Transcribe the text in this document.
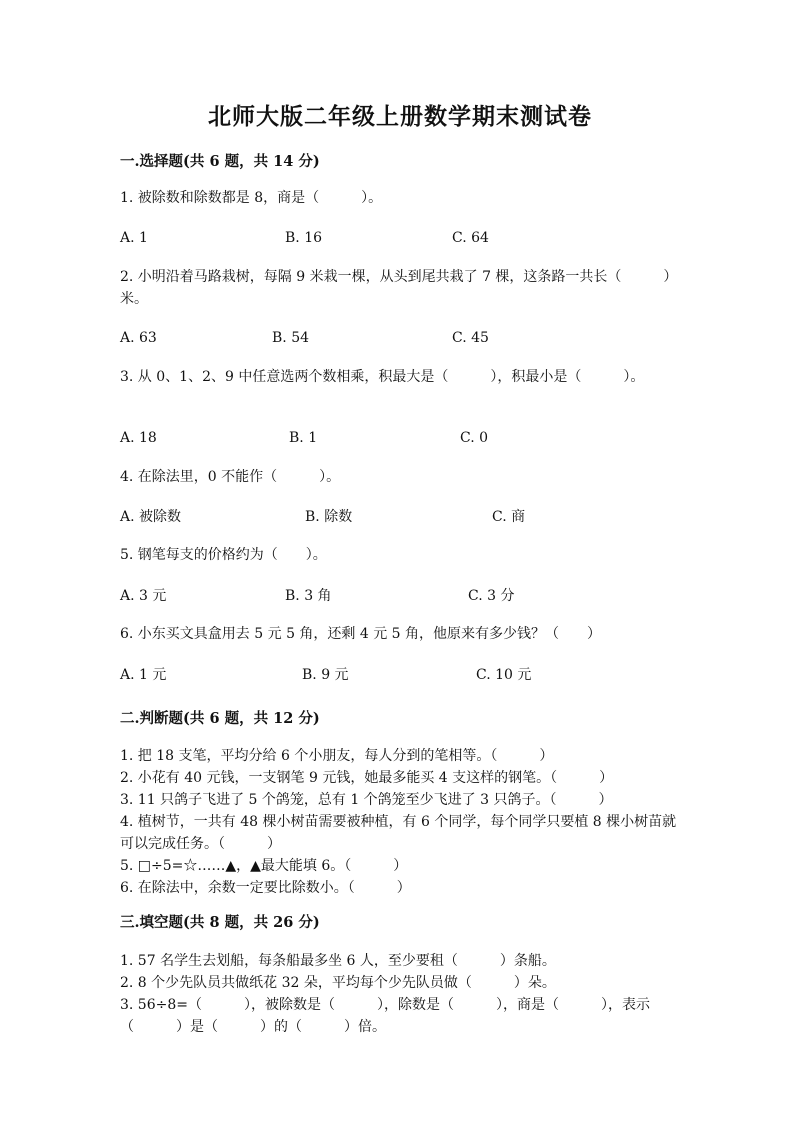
北师大版二年级上册数学期末测试卷
一.选择题(共 6 题，共 14 分)
1. 被除数和除数都是 8，商是（　　　）。
A. 1	B. 16	C. 64
2. 小明沿着马路栽树，每隔 9 米栽一棵，从头到尾共栽了 7 棵，这条路一共长（　　　）米。
A. 63	B. 54	C. 45
3. 从 0、1、2、9 中任意选两个数相乘，积最大是（　　　），积最小是（　　　）。
A. 18	B. 1	C. 0
4. 在除法里，0 不能作（　　　）。
A. 被除数	B. 除数	C. 商
5. 钢笔每支的价格约为（　　）。
A. 3 元	B. 3 角	C. 3 分
6. 小东买文具盒用去 5 元 5 角，还剩 4 元 5 角，他原来有多少钱？（　　）
A. 1 元	B. 9 元	C. 10 元
二.判断题(共 6 题，共 12 分)
1. 把 18 支笔，平均分给 6 个小朋友，每人分到的笔相等。（　　　）
2. 小花有 40 元钱，一支钢笔 9 元钱，她最多能买 4 支这样的钢笔。（　　　）
3. 11 只鸽子飞进了 5 个鸽笼，总有 1 个鸽笼至少飞进了 3 只鸽子。（　　　）
4. 植树节，一共有 48 棵小树苗需要被种植，有 6 个同学，每个同学只要植 8 棵小树苗就可以完成任务。（　　　）
5. □÷5=☆……▲，▲最大能填 6。（　　　）
6. 在除法中，余数一定要比除数小。（　　　）
三.填空题(共 8 题，共 26 分)
1. 57 名学生去划船，每条船最多坐 6 人，至少要租（　　　）条船。
2. 8 个少先队员共做纸花 32 朵，平均每个少先队员做（　　　）朵。
3. 56÷8=（　　　），被除数是（　　　），除数是（　　　），商是（　　　），表示（　　　）是（　　　）的（　　　）倍。
